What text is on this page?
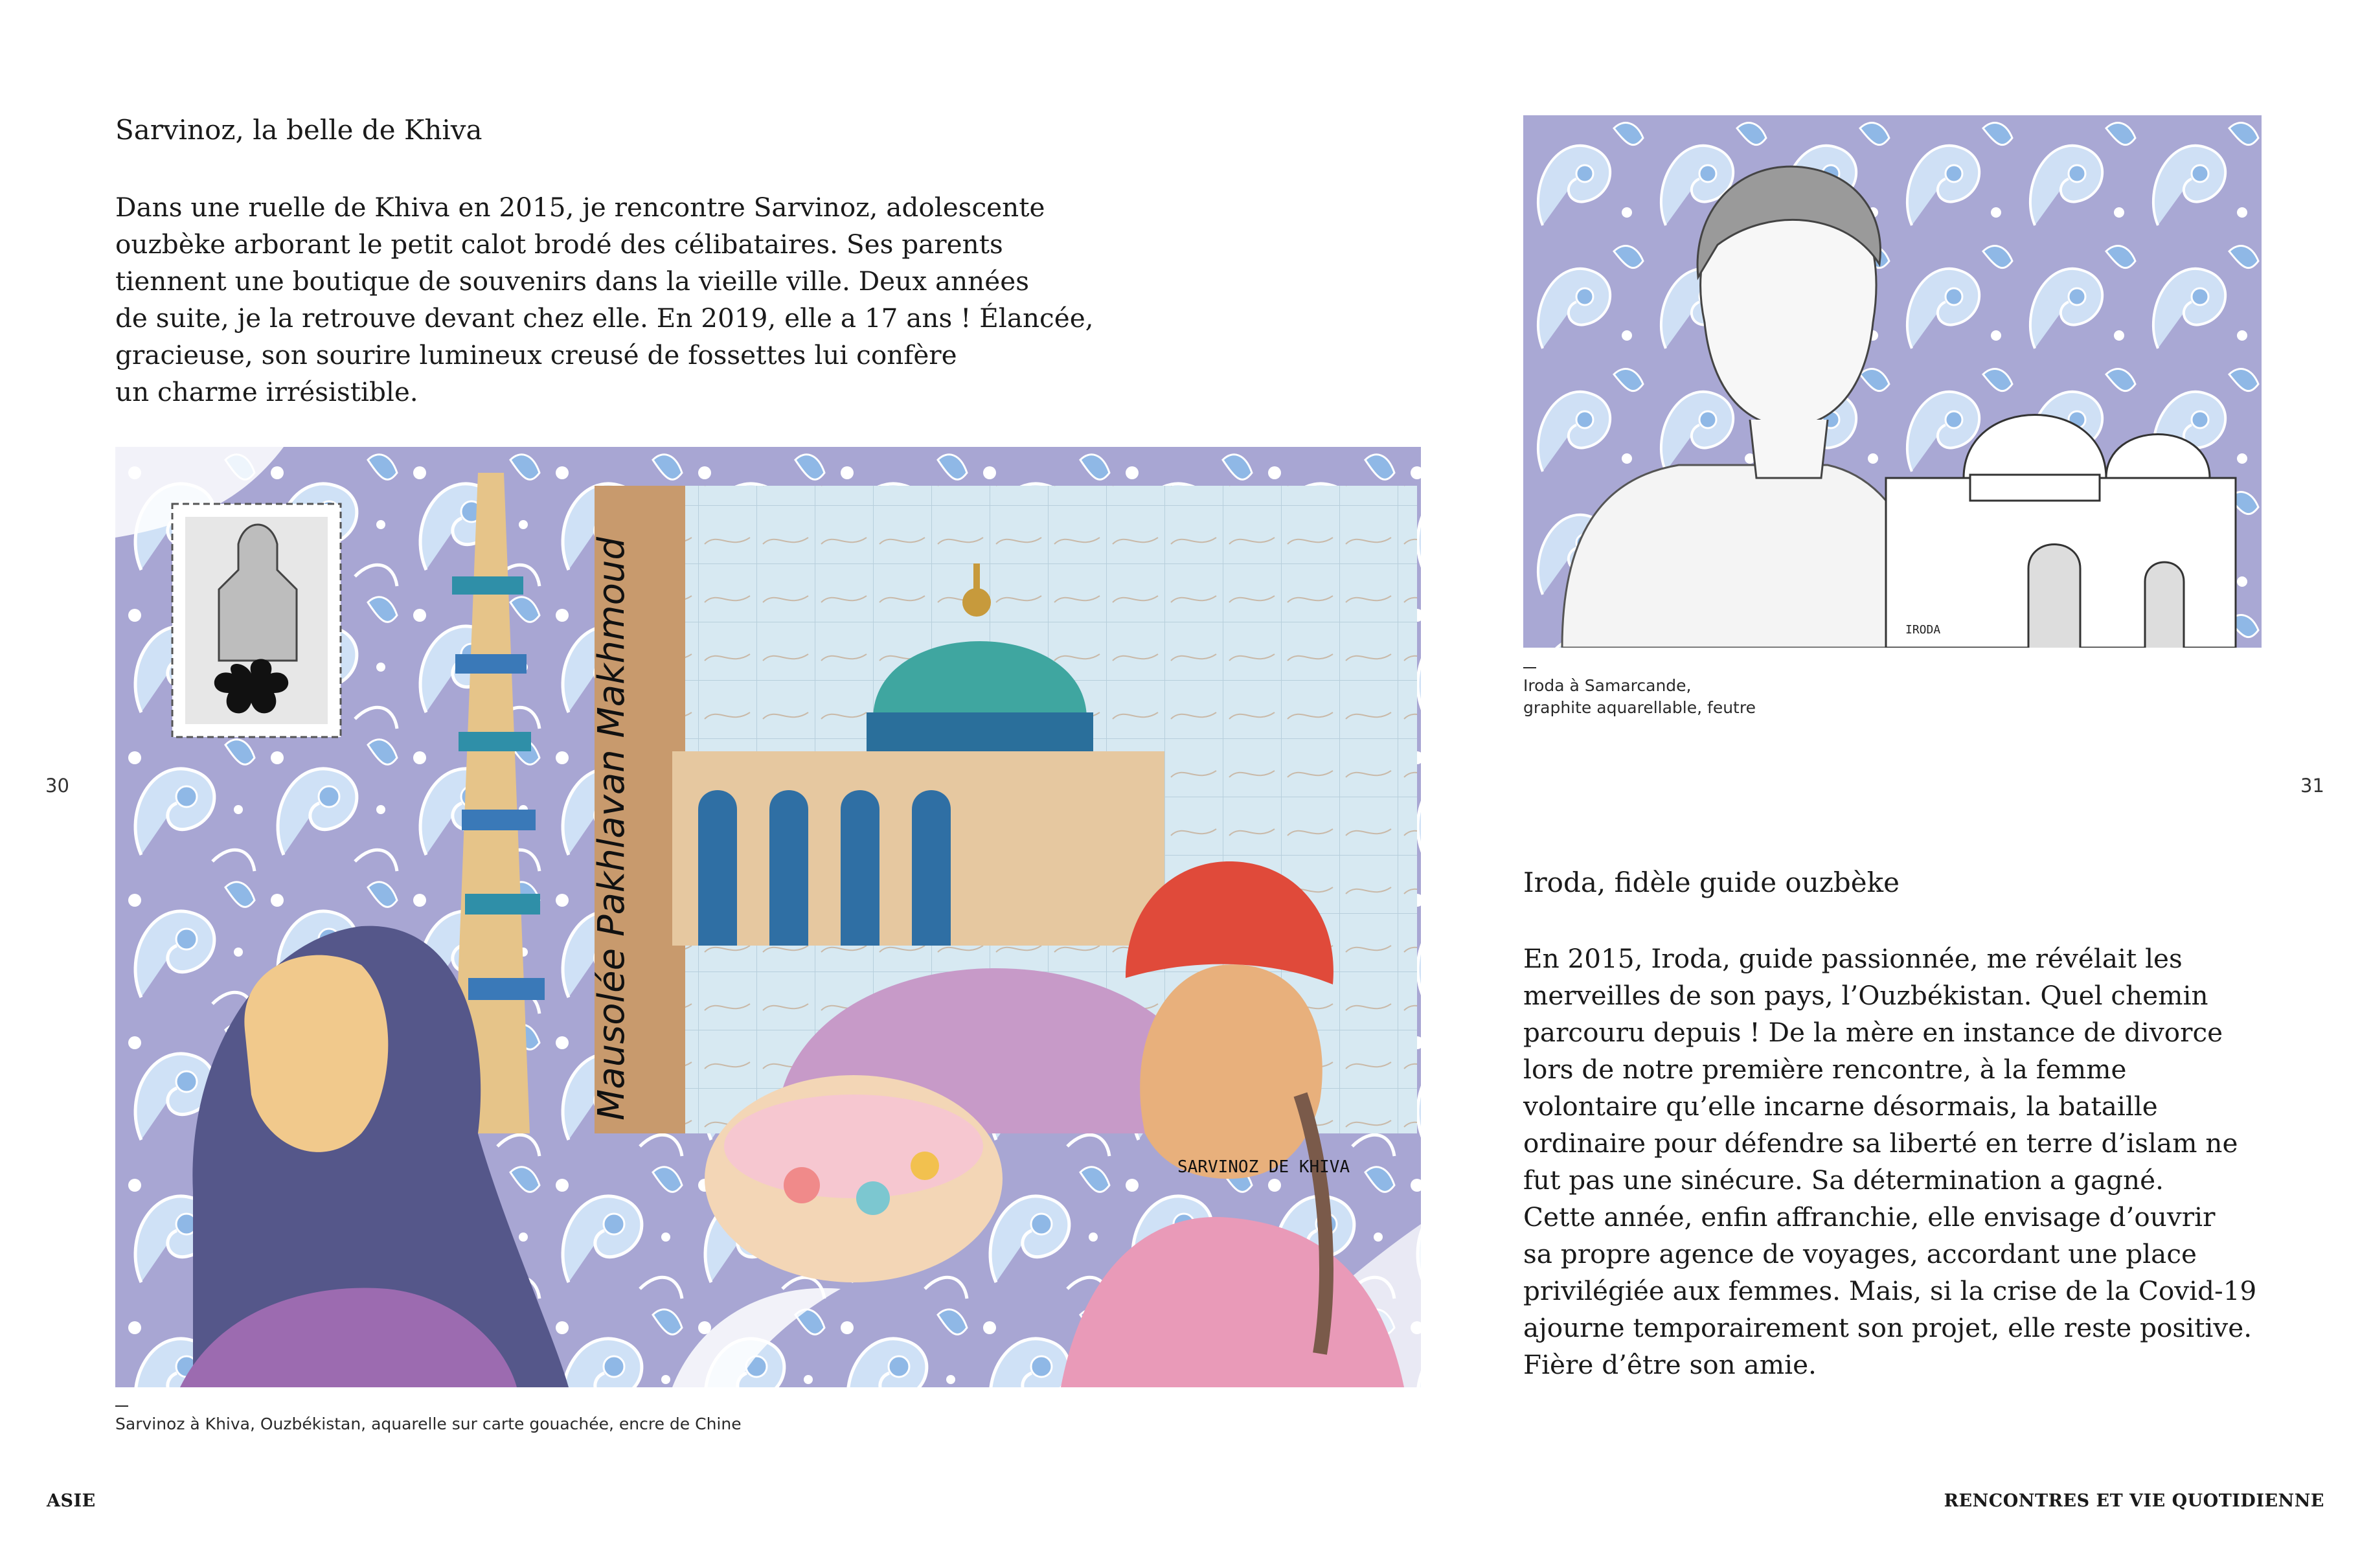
Sarvinoz, la belle de Khiva
Dans une ruelle de Khiva en 2015, je rencontre Sarvinoz, adolescente
ouzbèke arborant le petit calot brodé des célibataires. Ses parents
tiennent une boutique de souvenirs dans la vieille ville. Deux années
de suite, je la retrouve devant chez elle. En 2019, elle a 17 ans ! Élancée,
gracieuse, son sourire lumineux creusé de fossettes lui confère
un charme irrésistible.
Mausolée Pakhlavan Makhmoud
SARVINOZ DE KHIVA
Sarvinoz à Khiva, Ouzbékistan, aquarelle sur carte gouachée, encre de Chine
30
ASIE
IRODA
Iroda à Samarcande,
graphite aquarellable, feutre
Iroda, fidèle guide ouzbèke
En 2015, Iroda, guide passionnée, me révélait les
merveilles de son pays, l’Ouzbékistan. Quel chemin
parcouru depuis ! De la mère en instance de divorce
lors de notre première rencontre, à la femme
volontaire qu’elle incarne désormais, la bataille
ordinaire pour défendre sa liberté en terre d’islam ne
fut pas une sinécure. Sa détermination a gagné.
Cette année, enfin affranchie, elle envisage d’ouvrir
sa propre agence de voyages, accordant une place
privilégiée aux femmes. Mais, si la crise de la Covid-19
ajourne temporairement son projet, elle reste positive.
Fière d’être son amie.
31
RENCONTRES ET VIE QUOTIDIENNE
